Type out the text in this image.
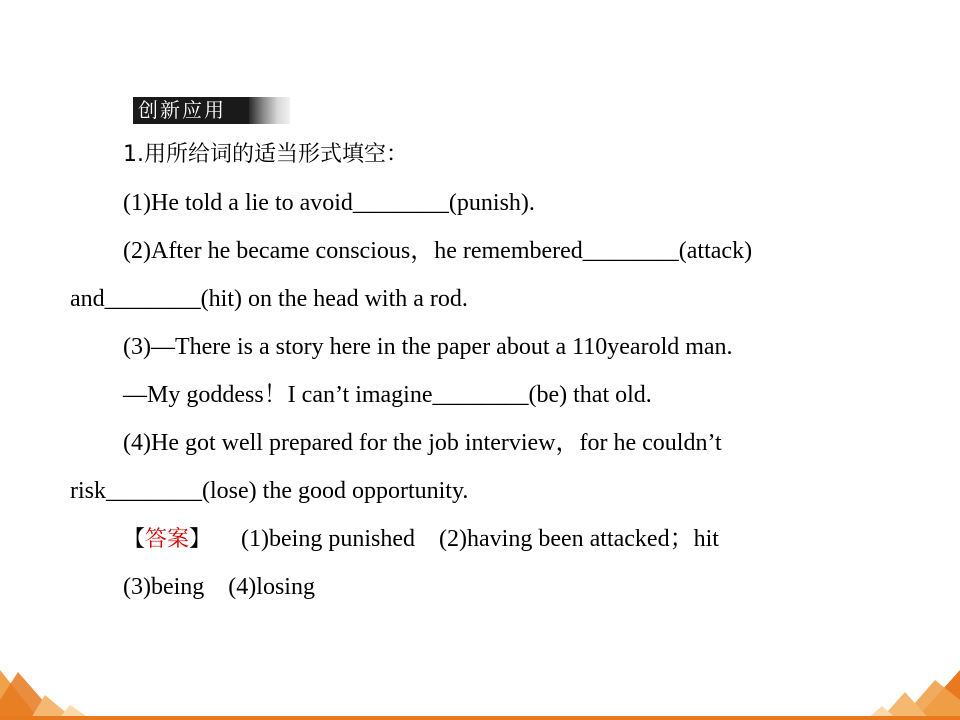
创新应用
1.用所给词的适当形式填空：
(1)He told a lie to avoid________(punish).
(2)After he became conscious，he remembered________(attack)
and________(hit) on the head with a rod.
(3)—There is a story here in the paper about a 110yearold man.
—My goddess！I can’t imagine________(be) that old.
(4)He got well prepared for the job interview，for he couldn’t
risk________(lose) the good opportunity.
【答案】 (1)being punished　(2)having been attacked；hit
(3)being　(4)losing
